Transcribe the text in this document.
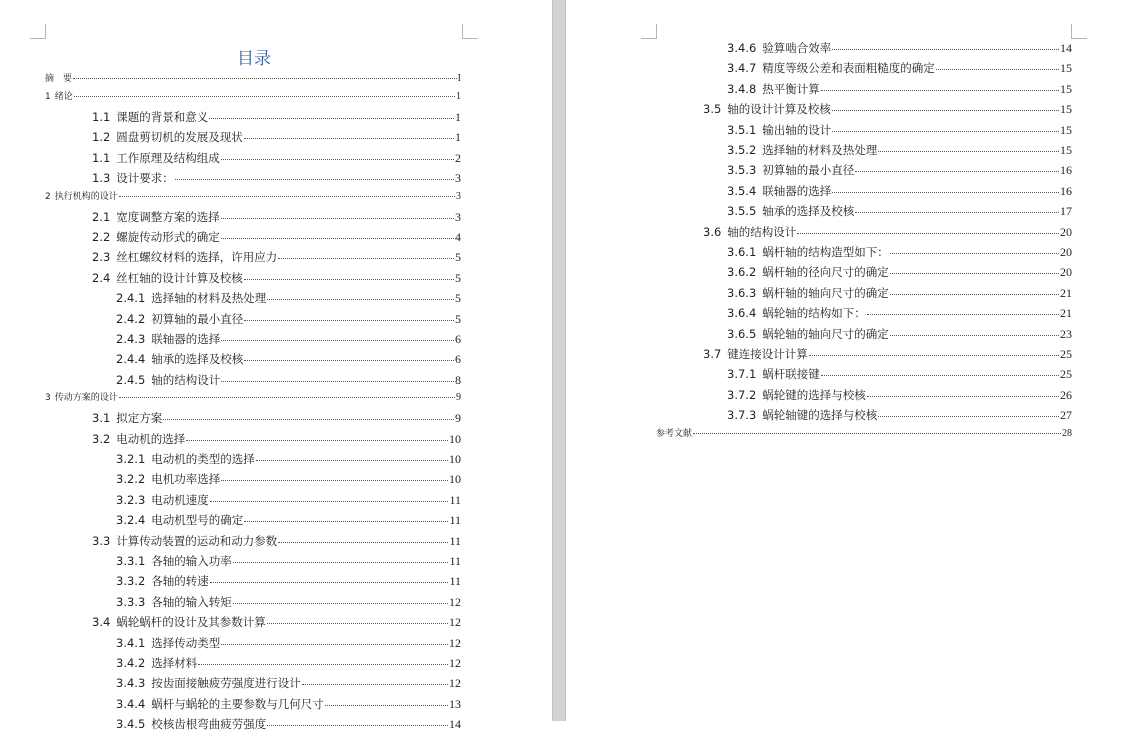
目录
摘　要	I
1 绪论	1
1.1 课题的背景和意义	1
1.2 圆盘剪切机的发展及现状	1
1.1 工作原理及结构组成	2
1.3 设计要求：	3
2 执行机构的设计	3
2.1 宽度调整方案的选择	3
2.2 螺旋传动形式的确定	4
2.3 丝杠螺纹材料的选择，许用应力	5
2.4 丝杠轴的设计计算及校核	5
2.4.1 选择轴的材料及热处理	5
2.4.2 初算轴的最小直径	5
2.4.3 联轴器的选择	6
2.4.4 轴承的选择及校核	6
2.4.5 轴的结构设计	8
3 传动方案的设计	9
3.1 拟定方案	9
3.2 电动机的选择	10
3.2.1 电动机的类型的选择	10
3.2.2 电机功率选择	10
3.2.3 电动机速度	11
3.2.4 电动机型号的确定	11
3.3 计算传动装置的运动和动力参数	11
3.3.1 各轴的输入功率	11
3.3.2 各轴的转速	11
3.3.3 各轴的输入转矩	12
3.4 蜗轮蜗杆的设计及其参数计算	12
3.4.1 选择传动类型	12
3.4.2 选择材料	12
3.4.3 按齿面接触疲劳强度进行设计	12
3.4.4 蜗杆与蜗轮的主要参数与几何尺寸	13
3.4.5 校核齿根弯曲疲劳强度	14
3.4.6 验算啮合效率	14
3.4.7 精度等级公差和表面粗糙度的确定	15
3.4.8 热平衡计算	15
3.5 轴的设计计算及校核	15
3.5.1 输出轴的设计	15
3.5.2 选择轴的材料及热处理	15
3.5.3 初算轴的最小直径	16
3.5.4 联轴器的选择	16
3.5.5 轴承的选择及校核	17
3.6 轴的结构设计	20
3.6.1 蜗杆轴的结构造型如下：	20
3.6.2 蜗杆轴的径向尺寸的确定	20
3.6.3 蜗杆轴的轴向尺寸的确定	21
3.6.4 蜗轮轴的结构如下：	21
3.6.5 蜗轮轴的轴向尺寸的确定	23
3.7 键连接设计计算	25
3.7.1 蜗杆联接键	25
3.7.2 蜗轮键的选择与校核	26
3.7.3 蜗轮轴键的选择与校核	27
参考文献	28
